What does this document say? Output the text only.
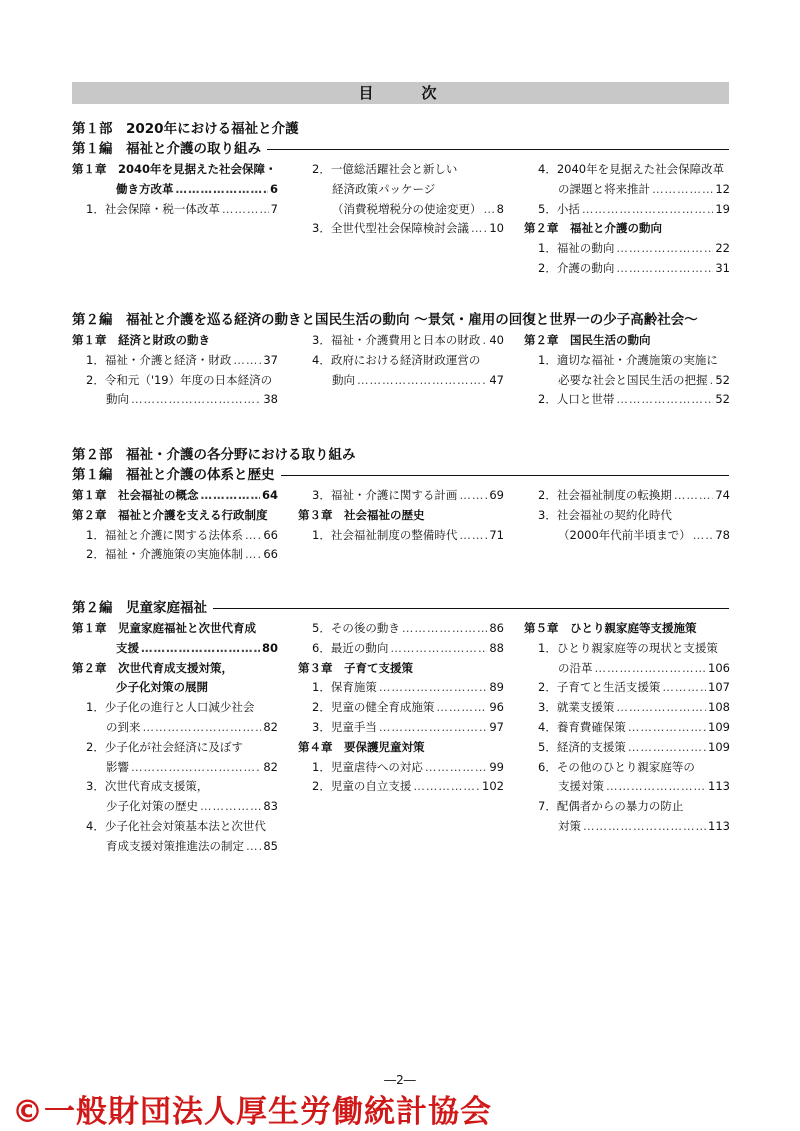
目　　次
第１部　2020年における福祉と介護
第１編　福祉と介護の取り組み
第１章　2040年を見据えた社会保障・
働き方改革 …………………………………………………………………………………………………………………………	6
1．社会保障・税一体改革 …………………………………………………………………………………………………………………………	7
2．一億総活躍社会と新しい
経済政策パッケージ
（消費税増税分の使途変更） ………………………………………………………………………………………………………………………… 8
3．全世代型社会保障検討会議 ………………………………………………………………………………………………………………………… 10
4．2040年を見据えた社会保障改革
の課題と将来推計 …………………………………………………………………………………………………………………………	12
5．小括 …………………………………………………………………………………………………………………………	19
第２章　福祉と介護の動向
1．福祉の動向 …………………………………………………………………………………………………………………………	22
2．介護の動向 …………………………………………………………………………………………………………………………	31
第２編　福祉と介護を巡る経済の動きと国民生活の動向 ～景気・雇用の回復と世界一の少子高齢社会～
第１章　経済と財政の動き
1．福祉・介護と経済・財政 …………………………………………………………………………………………………………………………	37
2．令和元（'19）年度の日本経済の
動向 …………………………………………………………………………………………………………………………	38
3．福祉・介護費用と日本の財政 ………………………………………………………………………………………………………………………… 40
4．政府における経済財政運営の
動向 …………………………………………………………………………………………………………………………	47
第２章　国民生活の動向
1．適切な福祉・介護施策の実施に
必要な社会と国民生活の把握 ………………………………………………………………………………………………………………………… 52
2．人口と世帯 …………………………………………………………………………………………………………………………	52
第２部　福祉・介護の各分野における取り組み
第１編　福祉と介護の体系と歴史
第１章　社会福祉の概念 …………………………………………………………………………………………………………………………	64
第２章　福祉と介護を支える行政制度
1．福祉と介護に関する法体系 ………………………………………………………………………………………………………………………… 66
2．福祉・介護施策の実施体制 ………………………………………………………………………………………………………………………… 66
3．福祉・介護に関する計画 …………………………………………………………………………………………………………………………	69
第３章　社会福祉の歴史
1．社会福祉制度の整備時代 …………………………………………………………………………………………………………………………	71
2．社会福祉制度の転換期 …………………………………………………………………………………………………………………………	74
3．社会福祉の契約化時代
（2000年代前半頃まで） ………………………………………………………………………………………………………………………… 78
第２編　児童家庭福祉
第１章　児童家庭福祉と次世代育成
支援 …………………………………………………………………………………………………………………………	80
第２章　次世代育成支援対策，
少子化対策の展開
1．少子化の進行と人口減少社会
の到来 …………………………………………………………………………………………………………………………	82
2．少子化が社会経済に及ぼす
影響 …………………………………………………………………………………………………………………………	82
3．次世代育成支援策，
少子化対策の歴史 …………………………………………………………………………………………………………………………	83
4．少子化社会対策基本法と次世代
育成支援対策推進法の制定 ………………………………………………………………………………………………………………………… 85
5．その後の動き …………………………………………………………………………………………………………………………	86
6．最近の動向 …………………………………………………………………………………………………………………………	88
第３章　子育て支援策
1．保育施策 …………………………………………………………………………………………………………………………	89
2．児童の健全育成施策 …………………………………………………………………………………………………………………………	96
3．児童手当 …………………………………………………………………………………………………………………………	97
第４章　要保護児童対策
1．児童虐待への対応 …………………………………………………………………………………………………………………………	99
2．児童の自立支援 …………………………………………………………………………………………………………………………	102
第５章　ひとり親家庭等支援施策
1．ひとり親家庭等の現状と支援策
の沿革 …………………………………………………………………………………………………………………………	106
2．子育てと生活支援策 …………………………………………………………………………………………………………………………	107
3．就業支援策 …………………………………………………………………………………………………………………………	108
4．養育費確保策 …………………………………………………………………………………………………………………………	109
5．経済的支援策 …………………………………………………………………………………………………………………………	109
6．その他のひとり親家庭等の
支援対策 …………………………………………………………………………………………………………………………	113
7．配偶者からの暴力の防止
対策 …………………………………………………………………………………………………………………………	113
―2―
©一般財団法人厚生労働統計協会
